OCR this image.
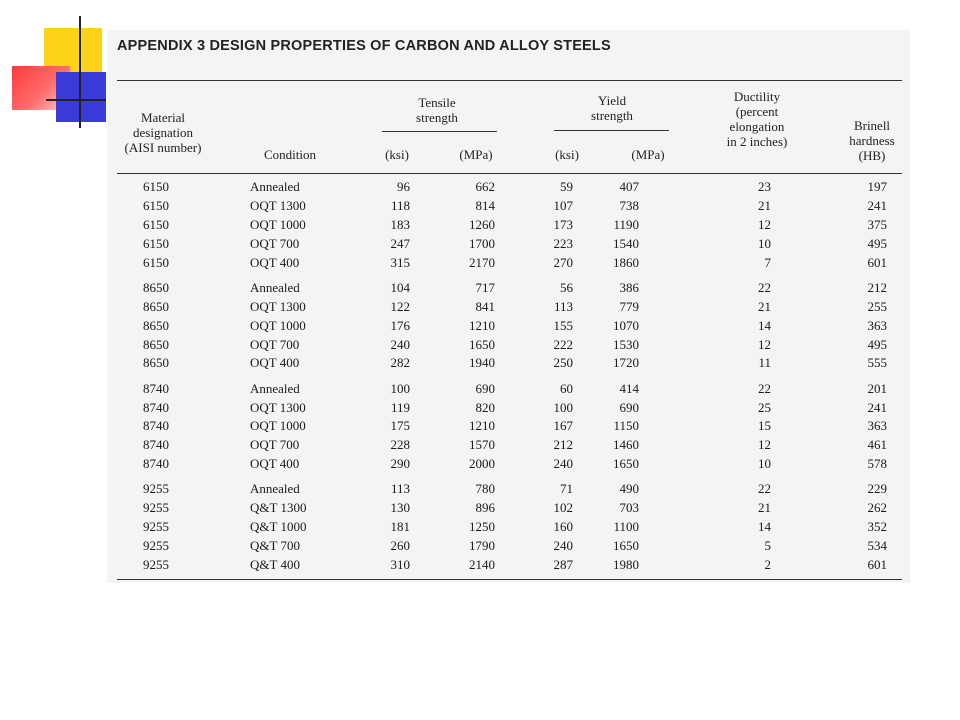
APPENDIX 3 DESIGN PROPERTIES OF CARBON AND ALLOY STEELS
Material
designation
(AISI number)	Condition
Tensile
strength
(ksi)	(MPa)
Yield
strength
(ksi)	(MPa)
Ductility
(percent
elongation
in 2 inches)
Brinell
hardness
(HB)
6150	Annealed	96	662	59	407	23	197
6150	OQT 1300	118	814	107	738	21	241
6150	OQT 1000	183	1260	173	1190	12	375
6150	OQT 700	247	1700	223	1540	10	495
6150	OQT 400	315	2170	270	1860	7	601
8650	Annealed	104	717	56	386	22	212
8650	OQT 1300	122	841	113	779	21	255
8650	OQT 1000	176	1210	155	1070	14	363
8650	OQT 700	240	1650	222	1530	12	495
8650	OQT 400	282	1940	250	1720	11	555
8740	Annealed	100	690	60	414	22	201
8740	OQT 1300	119	820	100	690	25	241
8740	OQT 1000	175	1210	167	1150	15	363
8740	OQT 700	228	1570	212	1460	12	461
8740	OQT 400	290	2000	240	1650	10	578
9255	Annealed	113	780	71	490	22	229
9255	Q&T 1300	130	896	102	703	21	262
9255	Q&T 1000	181	1250	160	1100	14	352
9255	Q&T 700	260	1790	240	1650	5	534
9255	Q&T 400	310	2140	287	1980	2	601
